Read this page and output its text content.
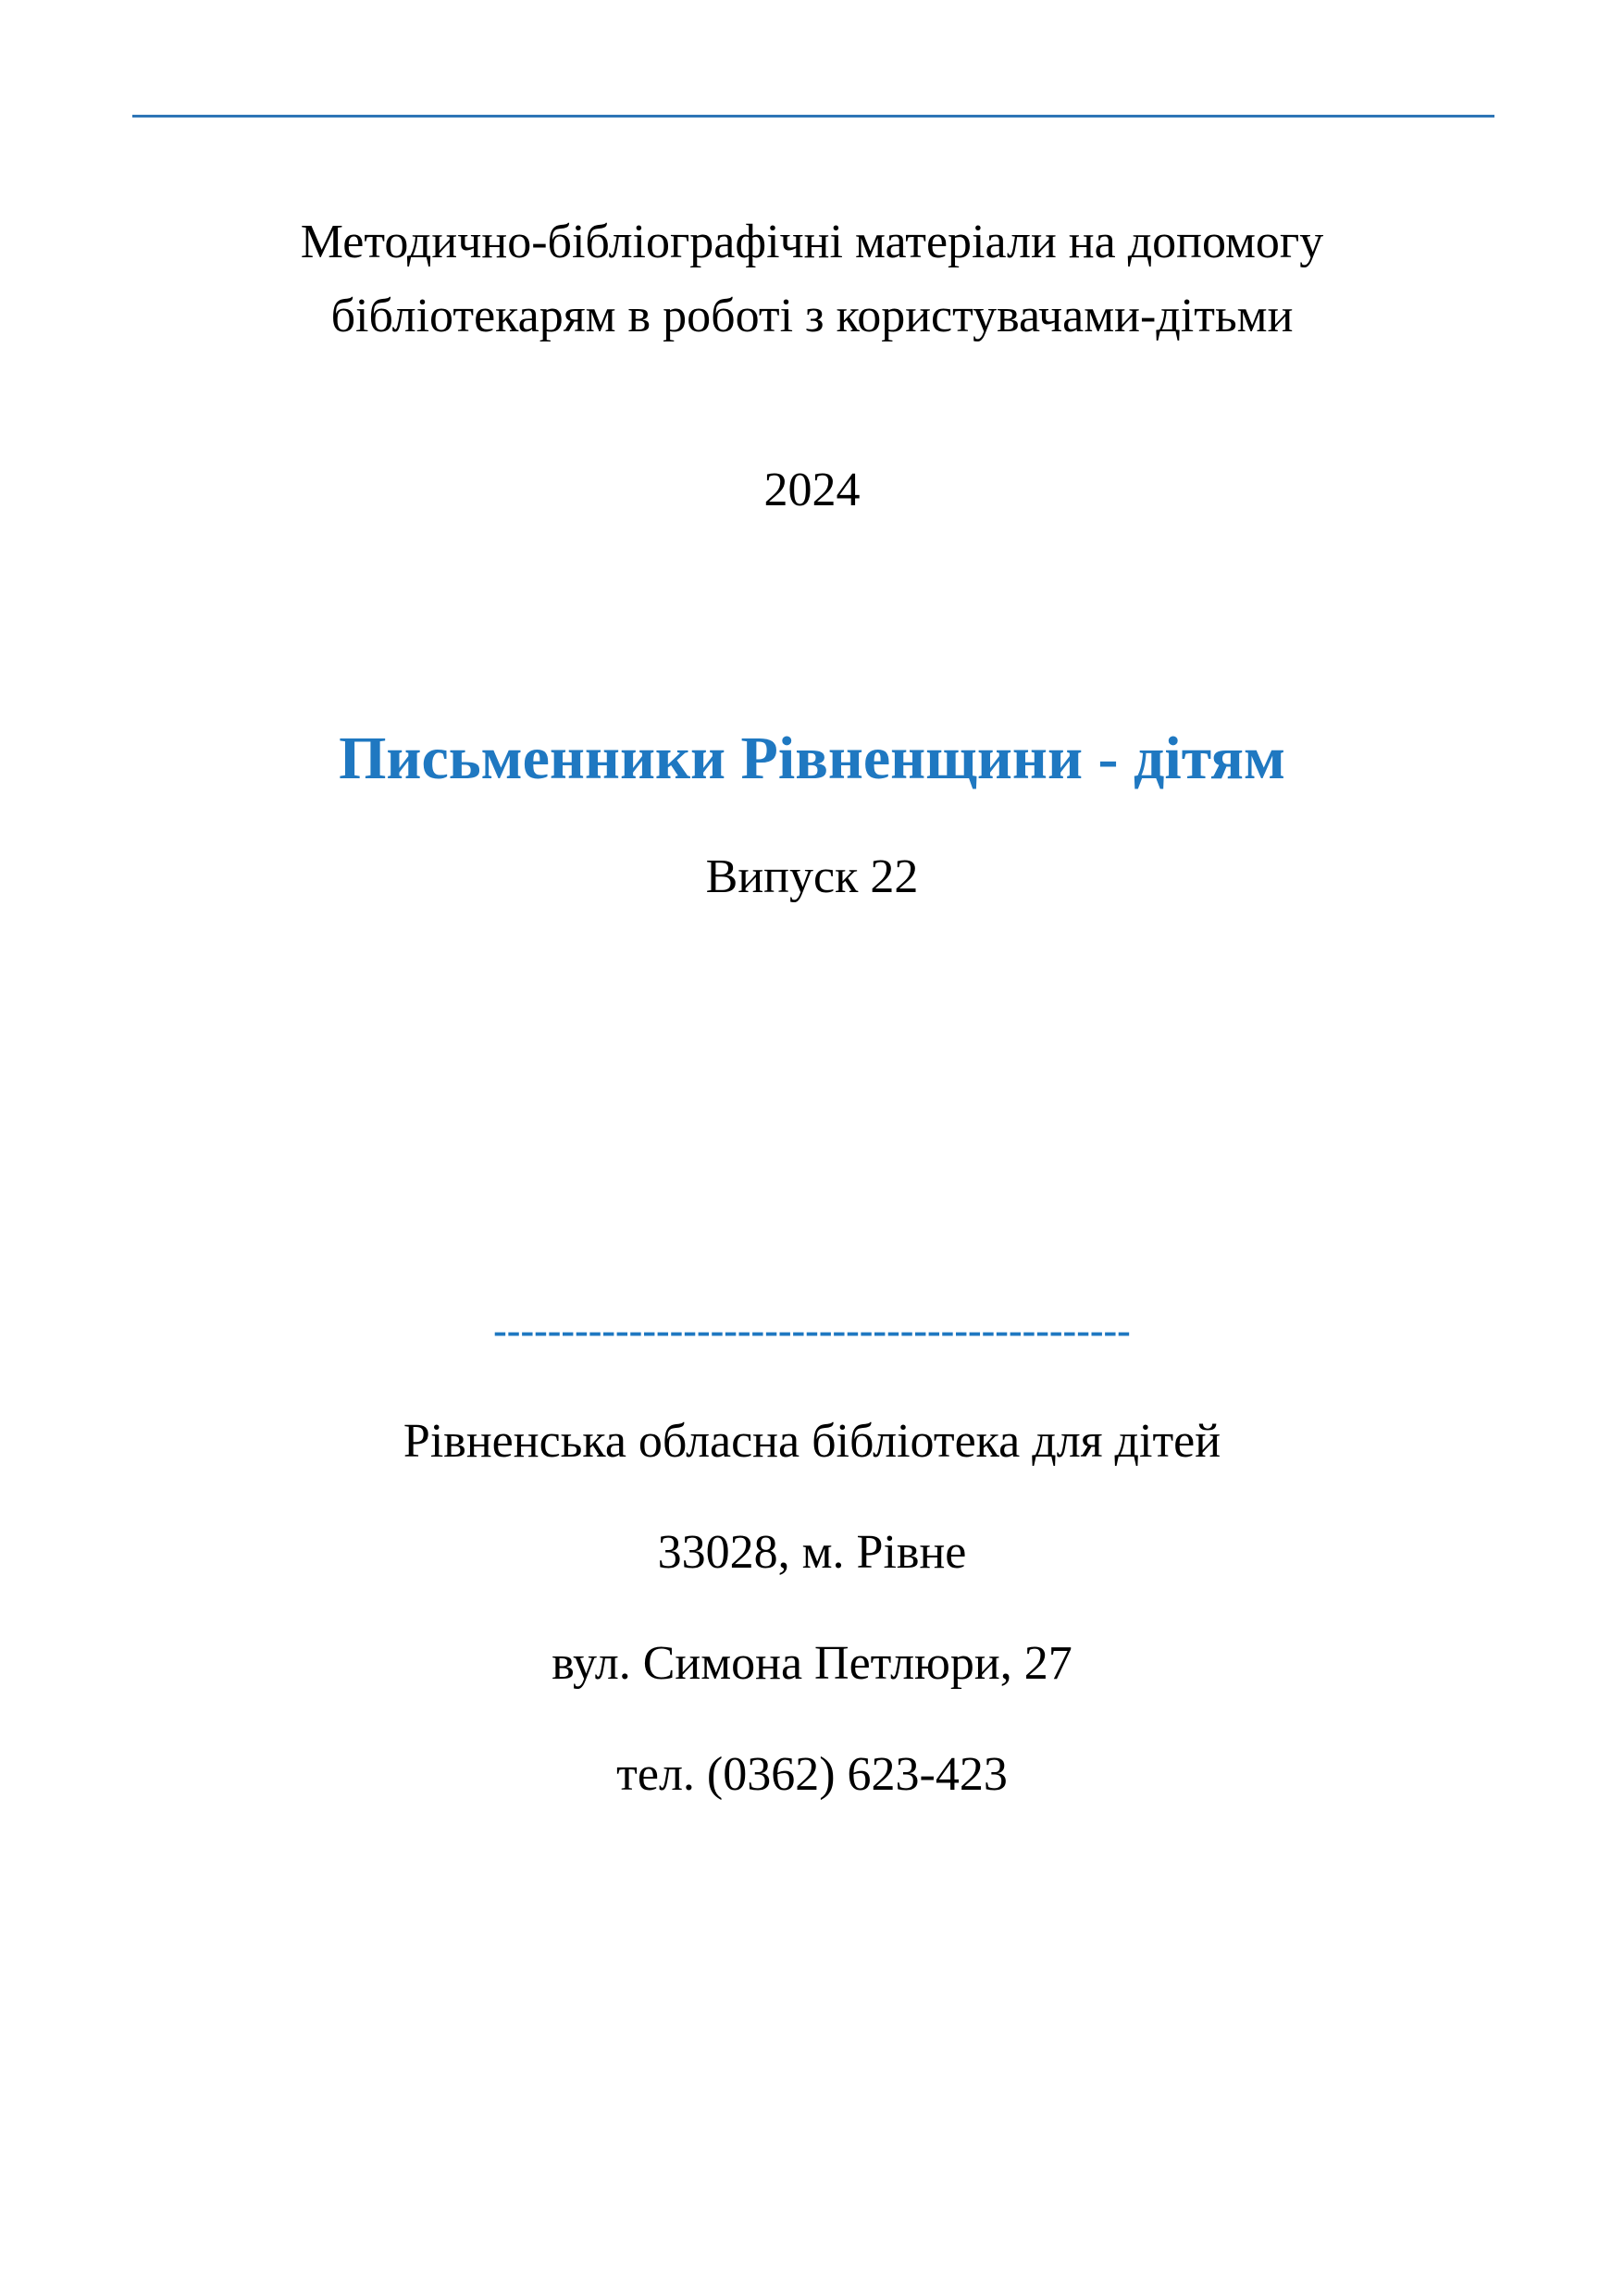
Методично-бібліографічні матеріали на допомогу
бібліотекарям в роботі з користувачами-дітьми
2024
Письменники Рівненщини - дітям
Випуск 22
-----------------------------------------------
Рівненська обласна бібліотека для дітей
33028, м. Рівне
вул. Симона Петлюри, 27
тел. (0362) 623-423
